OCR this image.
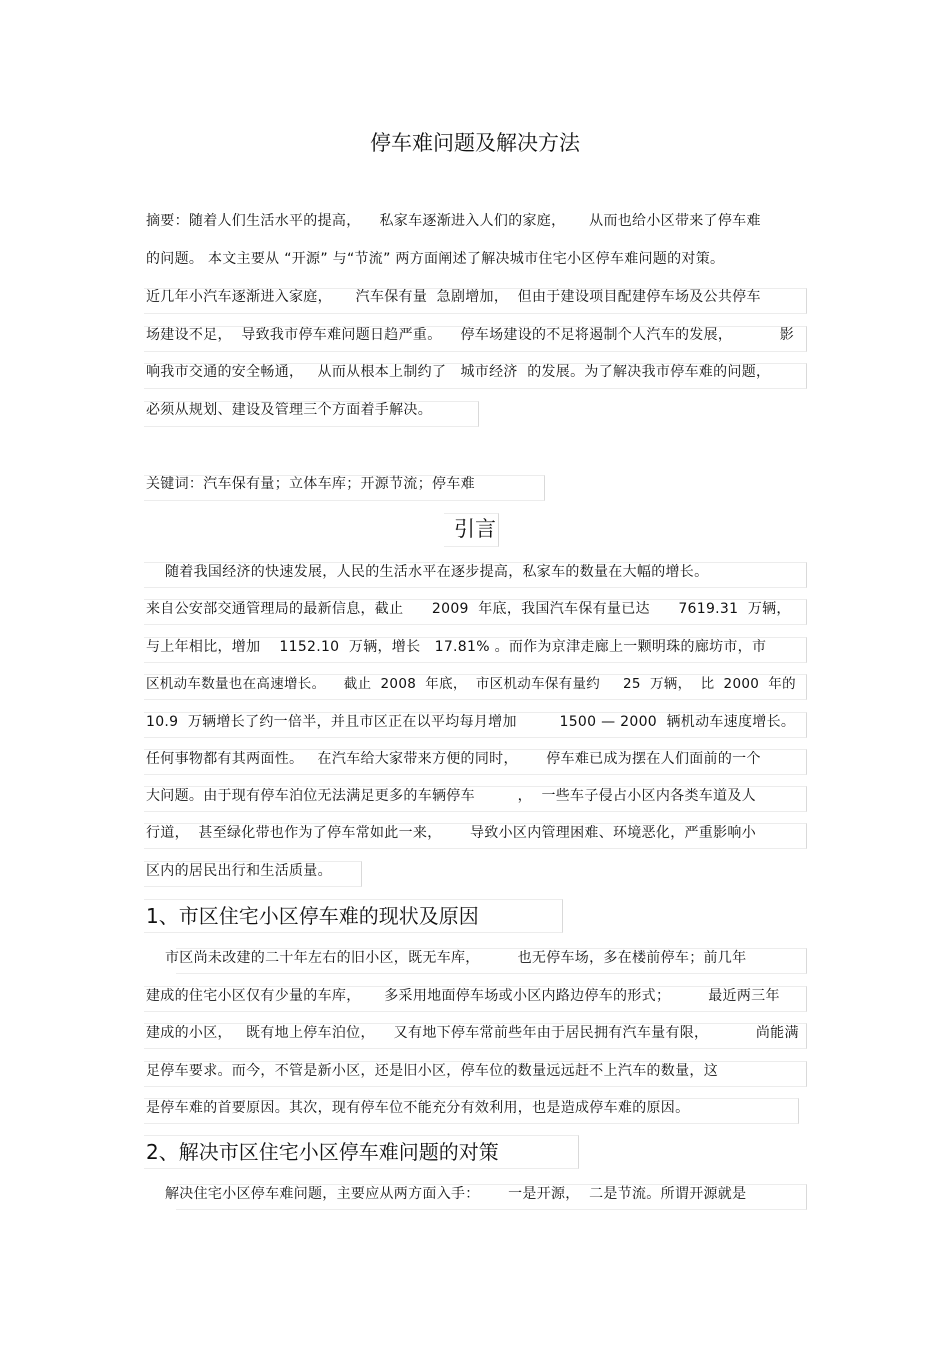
停车难问题及解决方法
摘要：随着人们生活水平的提高，    私家车逐渐进入人们的家庭，     从而也给小区带来了停车难
的问题。 本文主要从 “开源” 与“节流” 两方面阐述了解决城市住宅小区停车难问题的对策。
近几年小汽车逐渐进入家庭，     汽车保有量  急剧增加，  但由于建设项目配建停车场及公共停车
场建设不足，  导致我市停车难问题日趋严重。    停车场建设的不足将遏制个人汽车的发展，          影
响我市交通的安全畅通，   从而从根本上制约了   城市经济  的发展。为了解决我市停车难的问题，
必须从规划、建设及管理三个方面着手解决。
关键词：汽车保有量；立体车库；开源节流；停车难
引言
随着我国经济的快速发展，人民的生活水平在逐步提高，私家车的数量在大幅的增长。
来自公安部交通管理局的最新信息，截止      2009  年底，我国汽车保有量已达      7619.31  万辆，
与上年相比，增加    1152.10  万辆，增长   17.81% 。而作为京津走廊上一颗明珠的廊坊市，市
区机动车数量也在高速增长。    截止  2008  年底，  市区机动车保有量约     25  万辆，  比  2000  年的
10.9  万辆增长了约一倍半，并且市区正在以平均每月增加         1500 — 2000  辆机动车速度增长。
任何事物都有其两面性。   在汽车给大家带来方便的同时，      停车难已成为摆在人们面前的一个
大问题。由于现有停车泊位无法满足更多的车辆停车         ，  一些车子侵占小区内各类车道及人
行道，  甚至绿化带也作为了停车常如此一来，      导致小区内管理困难、环境恶化，严重影响小
区内的居民出行和生活质量。
1、市区住宅小区停车难的现状及原因
市区尚未改建的二十年左右的旧小区，既无车库，        也无停车场，多在楼前停车；前几年
建成的住宅小区仅有少量的车库，     多采用地面停车场或小区内路边停车的形式；        最近两三年
建成的小区，   既有地上停车泊位，    又有地下停车常前些年由于居民拥有汽车量有限，          尚能满
足停车要求。而今，不管是新小区，还是旧小区，停车位的数量远远赶不上汽车的数量，这
是停车难的首要原因。其次，现有停车位不能充分有效利用，也是造成停车难的原因。
2、解决市区住宅小区停车难问题的对策
解决住宅小区停车难问题，主要应从两方面入手：      一是开源，  二是节流。所谓开源就是
